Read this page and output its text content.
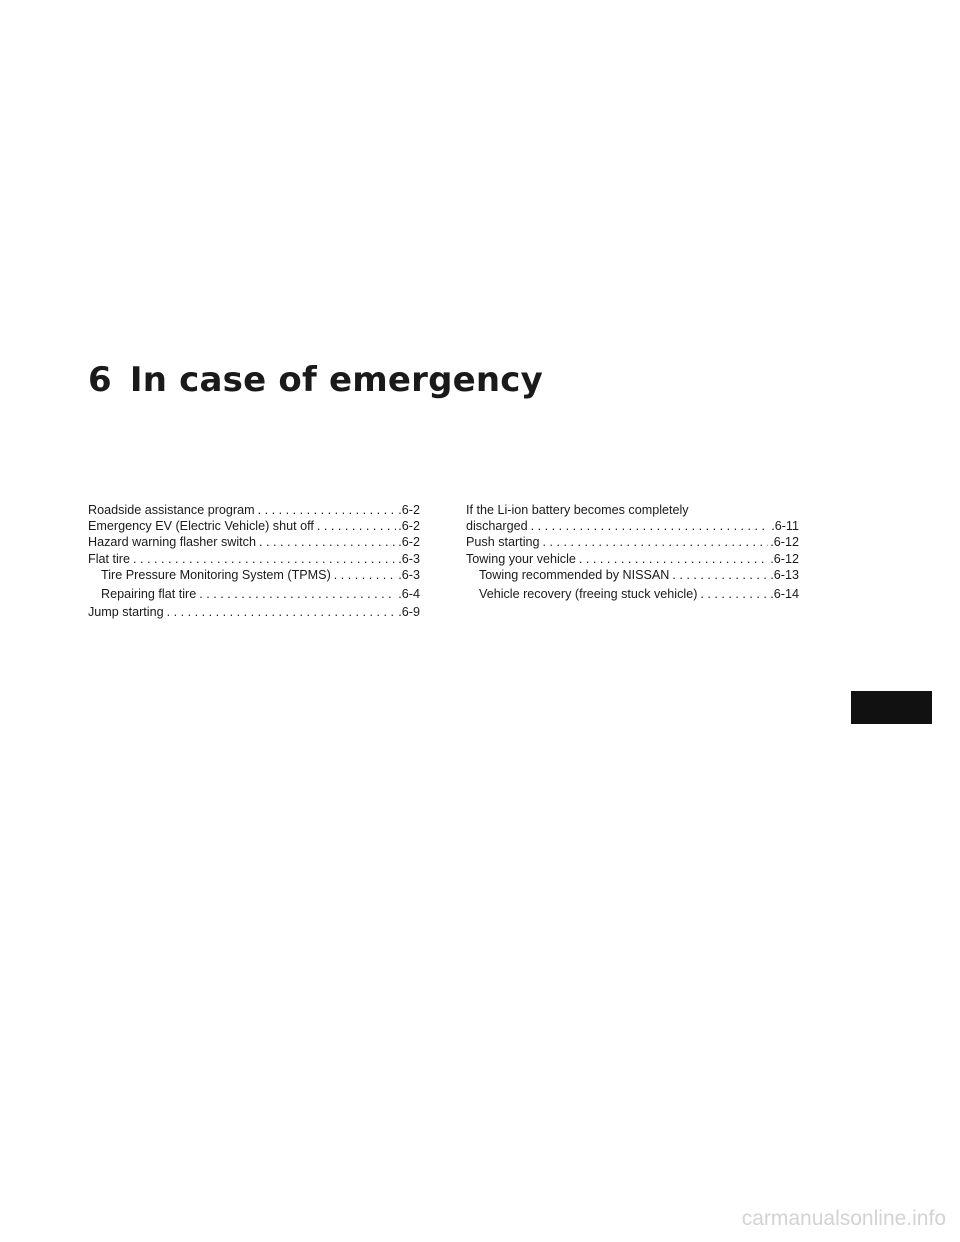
6 In case of emergency
Roadside assistance program . . .	.6-2
Emergency EV (Electric Vehicle) shut off . . .	.6-2
Hazard warning flasher switch . . .	.6-2
Flat tire . . .	.6-3
Tire Pressure Monitoring System (TPMS) . . .	.6-3
Repairing flat tire . . .	.6-4
Jump starting . . .	.6-9
If the Li-ion battery becomes completely
discharged . . .	.6-11
Push starting . . .	.6-12
Towing your vehicle . . .	.6-12
Towing recommended by NISSAN . . .	.6-13
Vehicle recovery (freeing stuck vehicle) . . .	.6-14
carmanualsonline.info
